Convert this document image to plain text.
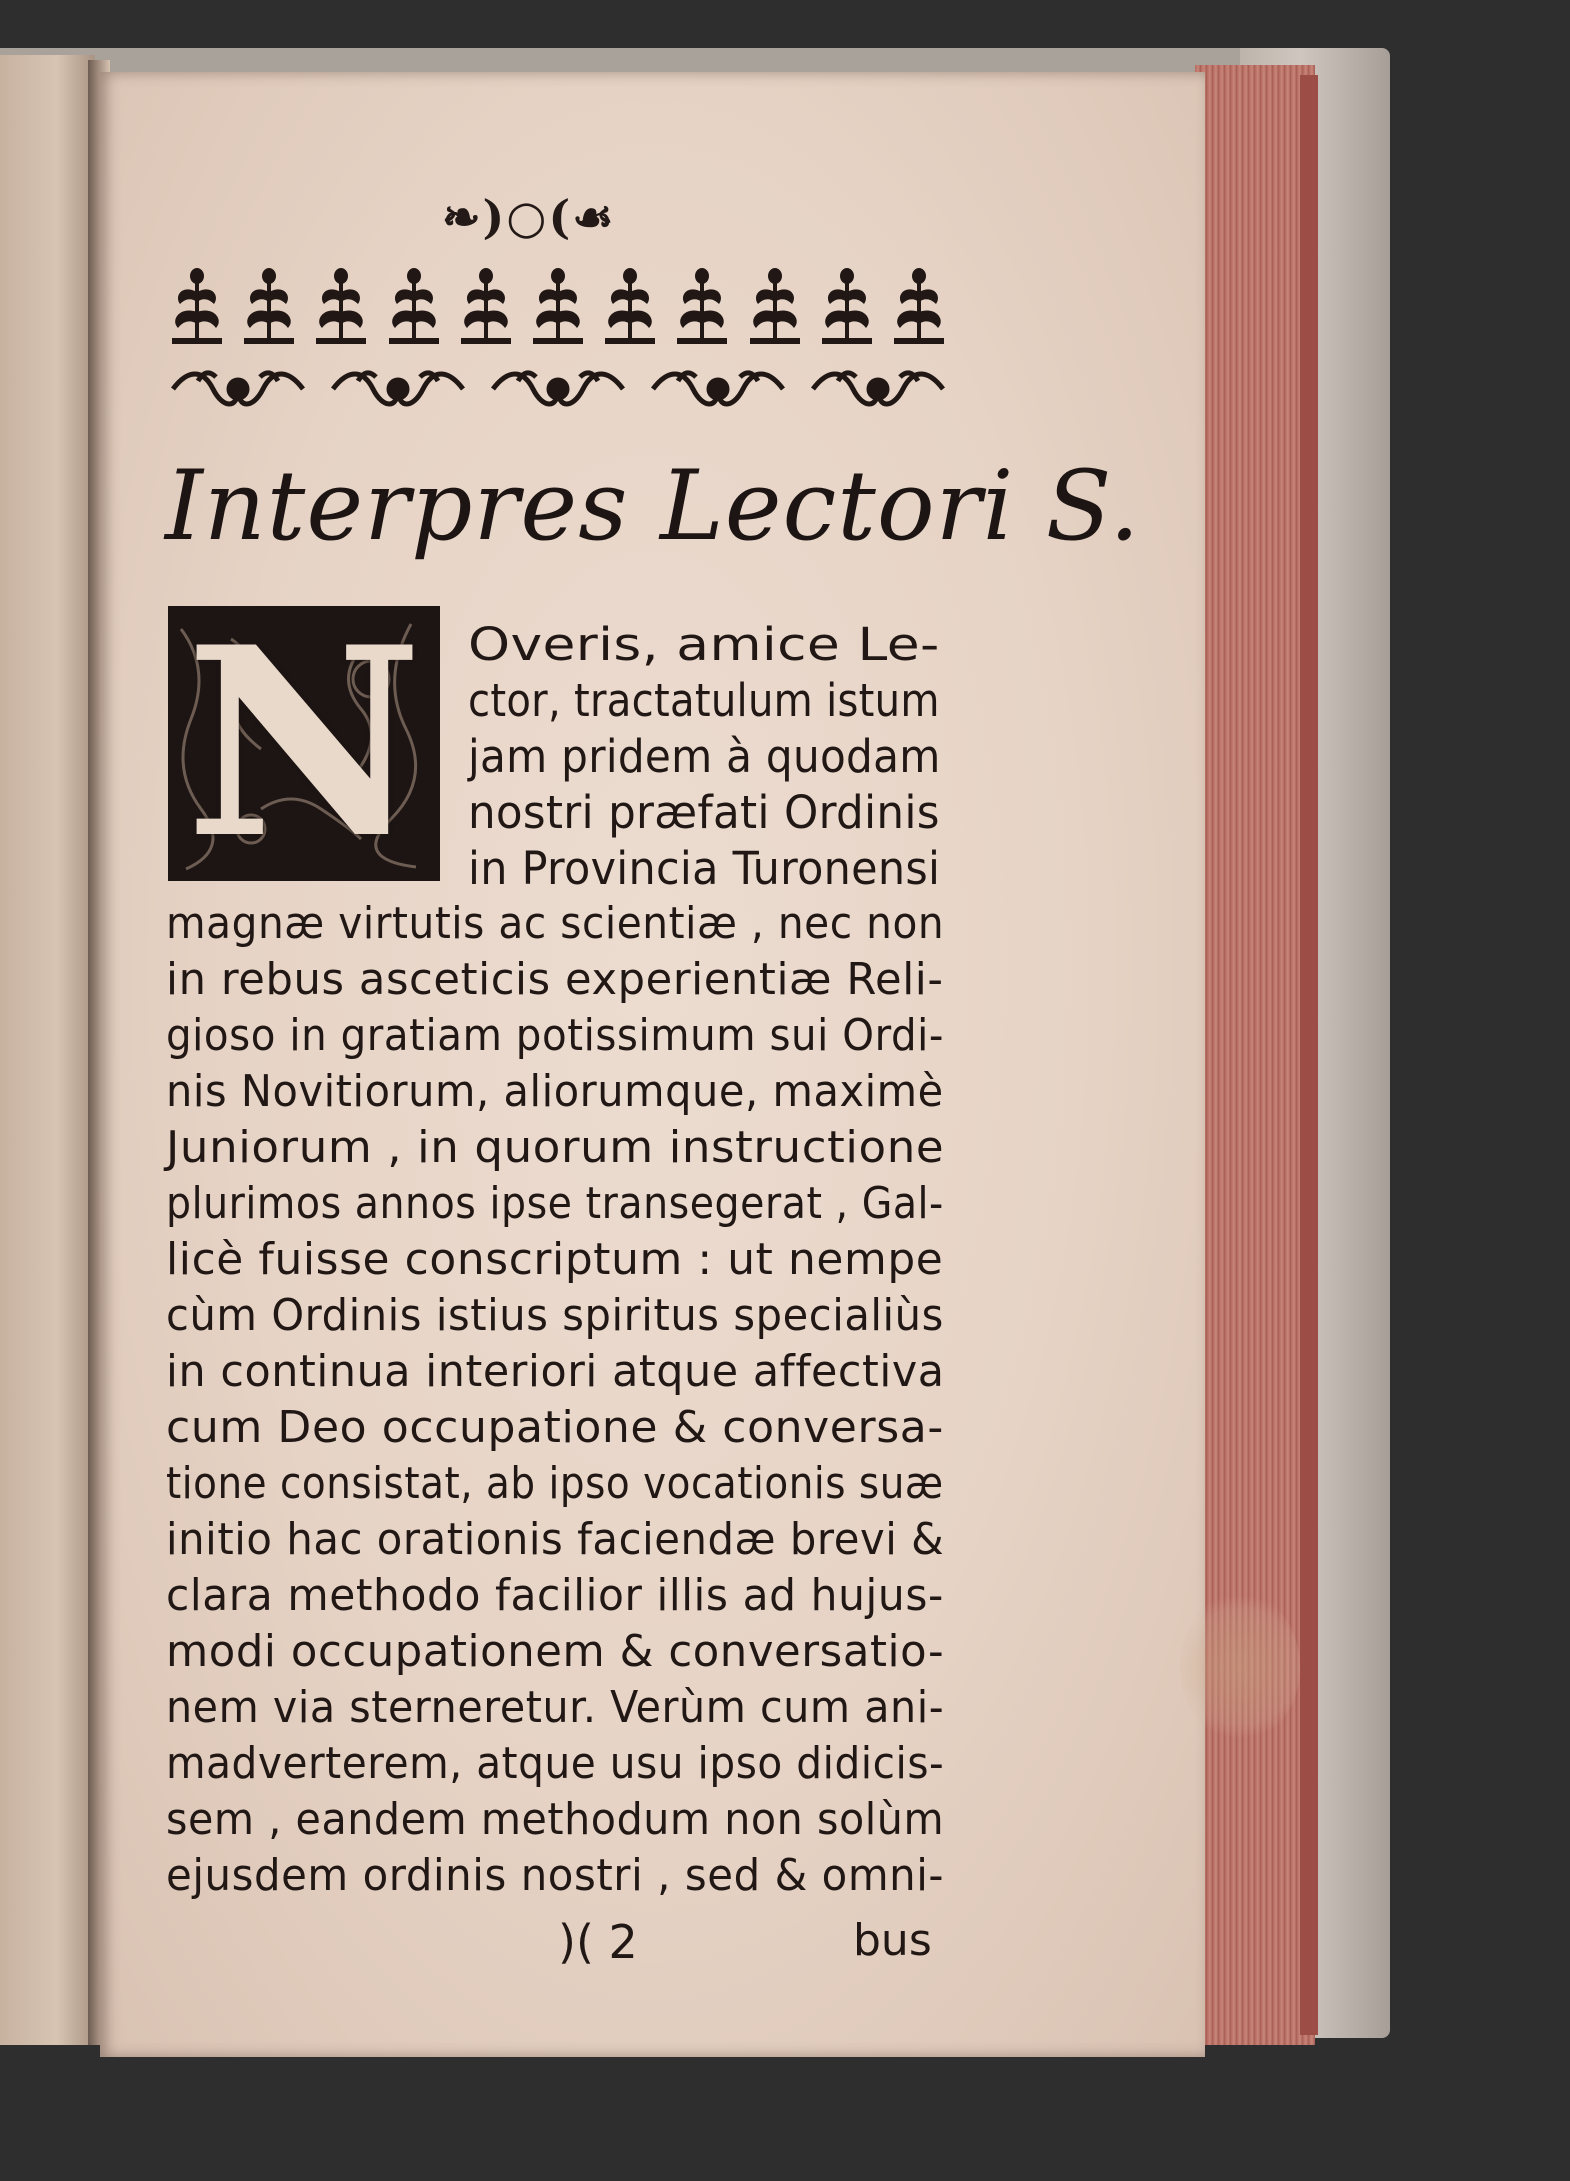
❧)○(☙
Interpres Lectori S.
N	Overis, amice Le-
ctor, tractatulum istum
jam pridem à quodam
nostri præfati Ordinis
in Provincia Turonensi
magnæ virtutis ac scientiæ , nec non
in rebus asceticis experientiæ Reli-
gioso in gratiam potissimum sui Ordi-
nis Novitiorum, aliorumque, maximè
Juniorum , in quorum instructione
plurimos annos ipse transegerat , Gal-
licè fuisse conscriptum : ut nempe
cùm Ordinis istius spiritus specialiùs
in continua interiori atque affectiva
cum Deo occupatione & conversa-
tione consistat, ab ipso vocationis suæ
initio hac orationis faciendæ brevi &
clara methodo facilior illis ad hujus-
modi occupationem & conversatio-
nem via sterneretur. Verùm cum ani-
madverterem, atque usu ipso didicis-
sem , eandem methodum non solùm
ejusdem ordinis nostri , sed & omni-
)( 2	bus
